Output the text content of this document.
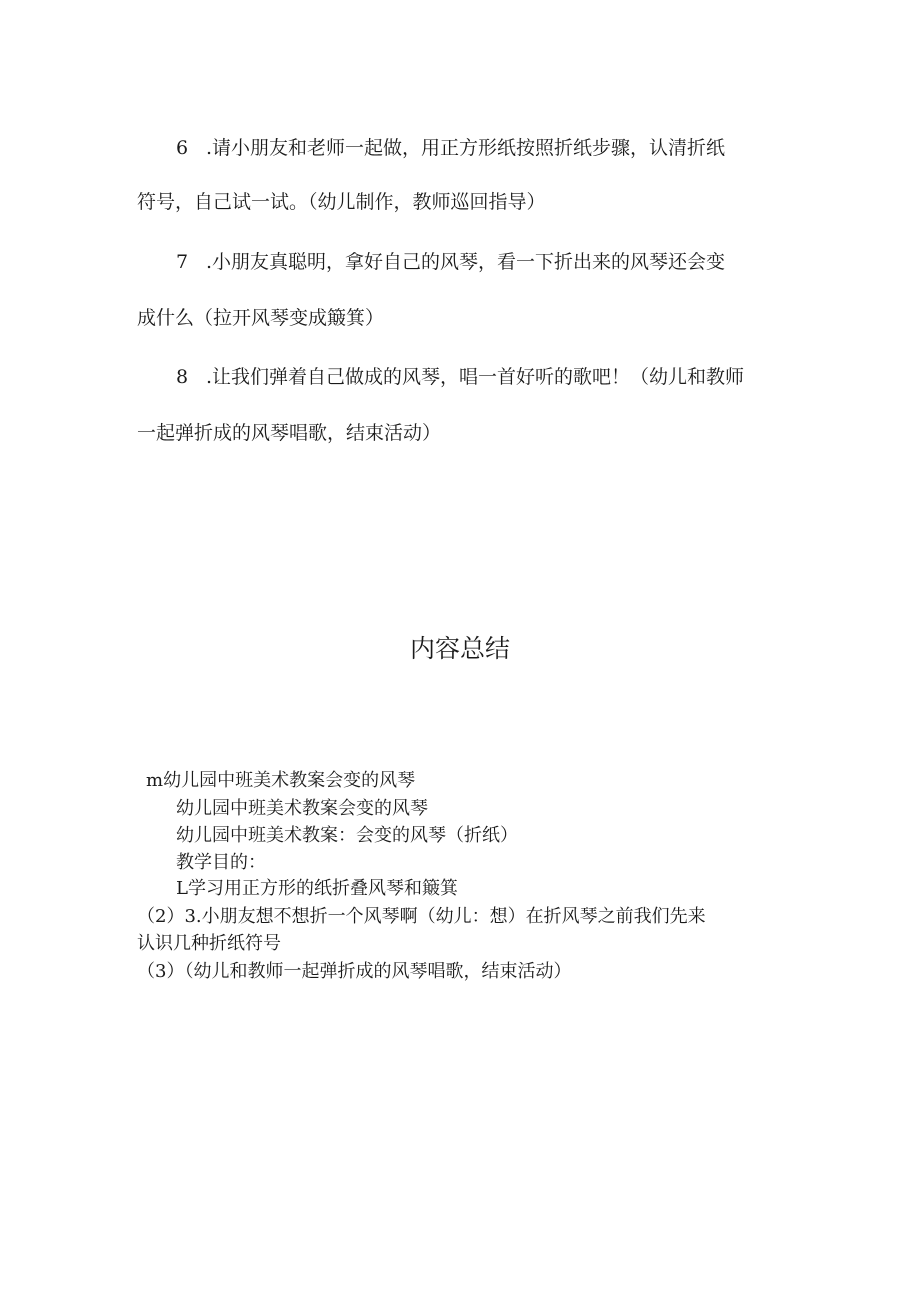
6 .请小朋友和老师一起做，用正方形纸按照折纸步骤，认清折纸

符号，自己试一试。（幼儿制作，教师巡回指导）

7 .小朋友真聪明，拿好自己的风琴，看一下折出来的风琴还会变

成什么（拉开风琴变成簸箕）

8 .让我们弹着自己做成的风琴，唱一首好听的歌吧！（幼儿和教师

一起弹折成的风琴唱歌，结束活动）

内容总结

m幼儿园中班美术教案会变的风琴

幼儿园中班美术教案会变的风琴

幼儿园中班美术教案：会变的风琴（折纸）

教学目的：

L学习用正方形的纸折叠风琴和簸箕

（2）3.小朋友想不想折一个风琴啊（幼儿：想）在折风琴之前我们先来

认识几种折纸符号

（3）（幼儿和教师一起弹折成的风琴唱歌，结束活动）
